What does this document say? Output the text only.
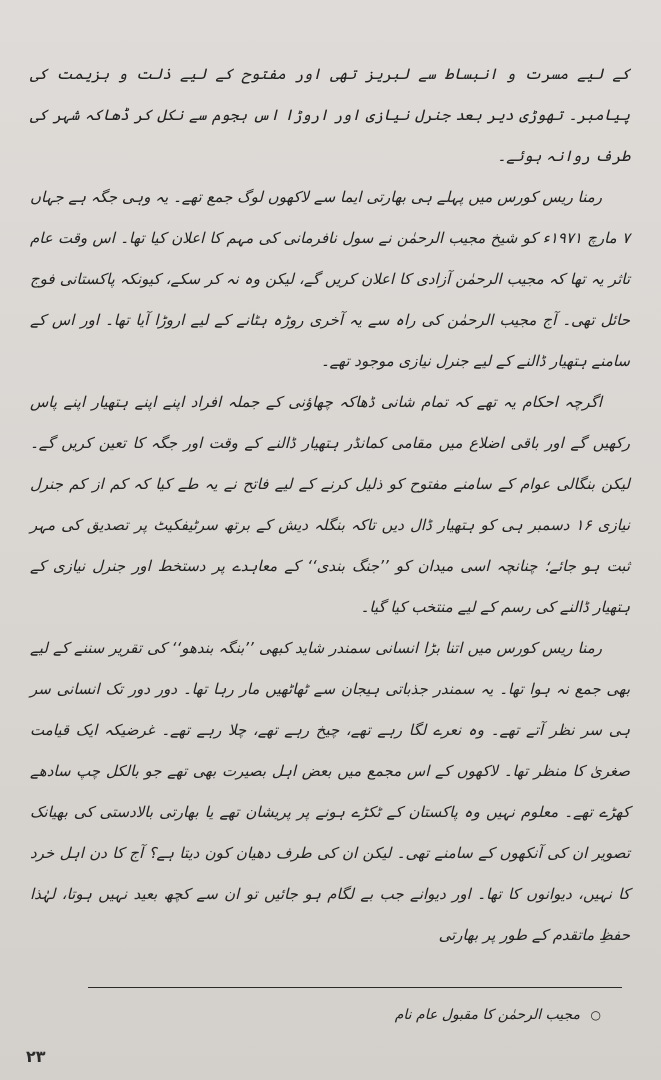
کے لیے مسرت و انبساط سے لبریز تھی اور مفتوح کے لیے ذلت و ہزیمت کی پیامبر۔ تھوڑی دیر بعد جنرل نیازی اور اروڑا اس ہجوم سے نکل کر ڈھاکہ شہر کی طرف روانہ ہوئے۔

رمنا ریس کورس میں پہلے ہی بھارتی ایما سے لاکھوں لوگ جمع تھے۔ یہ وہی جگہ ہے جہاں ۷ مارچ ۱۹۷۱ء کو شیخ مجیب الرحمٰن نے سول نافرمانی کی مہم کا اعلان کیا تھا۔ اس وقت عام تاثر یہ تھا کہ مجیب الرحمٰن آزادی کا اعلان کریں گے، لیکن وہ نہ کر سکے، کیونکہ پاکستانی فوج حائل تھی۔ آج مجیب الرحمٰن کی راہ سے یہ آخری روڑہ ہٹانے کے لیے اروڑا آیا تھا۔ اور اس کے سامنے ہتھیار ڈالنے کے لیے جنرل نیازی موجود تھے۔

اگرچہ احکام یہ تھے کہ تمام شانی ڈھاکہ چھاؤنی کے جملہ افراد اپنے اپنے ہتھیار اپنے پاس رکھیں گے اور باقی اضلاع میں مقامی کمانڈر ہتھیار ڈالنے کے وقت اور جگہ کا تعین کریں گے۔ لیکن بنگالی عوام کے سامنے مفتوح کو ذلیل کرنے کے لیے فاتح نے یہ طے کیا کہ کم از کم جنرل نیازی ۱۶ دسمبر ہی کو ہتھیار ڈال دیں تاکہ بنگلہ دیش کے برتھ سرٹیفکیٹ پر تصدیق کی مہر ثبت ہو جائے؛ چنانچہ اسی میدان کو ’’جنگ بندی‘‘ کے معاہدے پر دستخط اور جنرل نیازی کے ہتھیار ڈالنے کی رسم کے لیے منتخب کیا گیا۔

رمنا ریس کورس میں اتنا بڑا انسانی سمندر شاید کبھی ’’بنگہ بندھو‘‘ کی تقریر سننے کے لیے بھی جمع نہ ہوا تھا۔ یہ سمندر جذباتی ہیجان سے ٹھاٹھیں مار رہا تھا۔ دور دور تک انسانی سر ہی سر نظر آتے تھے۔ وہ نعرے لگا رہے تھے، چیخ رہے تھے، چلا رہے تھے۔ غرضیکہ ایک قیامت صغریٰ کا منظر تھا۔ لاکھوں کے اس مجمع میں بعض اہل بصیرت بھی تھے جو بالکل چپ سادھے کھڑے تھے۔ معلوم نہیں وہ پاکستان کے ٹکڑے ہونے پر پریشان تھے یا بھارتی بالادستی کی بھیانک تصویر ان کی آنکھوں کے سامنے تھی۔ لیکن ان کی طرف دھیان کون دیتا ہے؟ آج کا دن اہل خرد کا نہیں، دیوانوں کا تھا۔ اور دیوانے جب بے لگام ہو جائیں تو ان سے کچھ بعید نہیں ہوتا، لہٰذا حفظِ ماتقدم کے طور پر بھارتی

○ مجیب الرحمٰن کا مقبول عام نام
۲۳
